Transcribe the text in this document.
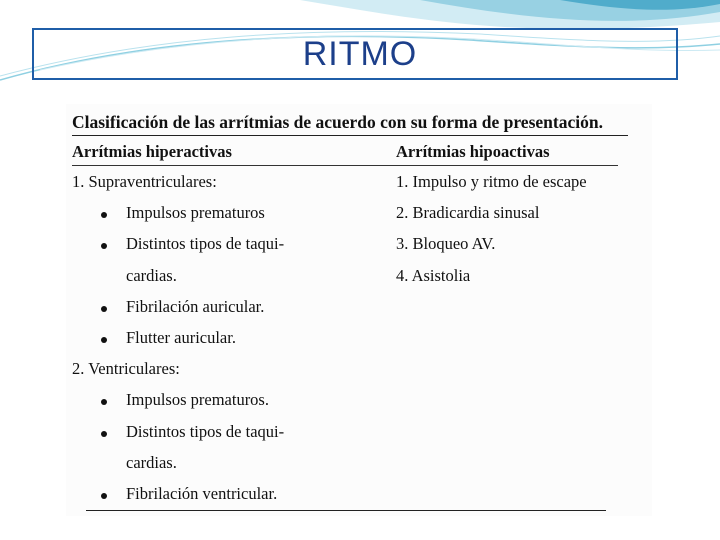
RITMO
Clasificación de las arrítmias de acuerdo con su forma de presentación.
Arrítmias hiperactivas	Arrítmias hipoactivas
1. Supraventriculares:
Impulsos prematuros
Distintos tipos de taqui-
cardias.
Fibrilación auricular.
Flutter auricular.
2. Ventriculares:
Impulsos prematuros.
Distintos tipos de taqui-
cardias.
Fibrilación ventricular.
1. Impulso y ritmo de escape
2. Bradicardia sinusal
3. Bloqueo AV.
4. Asistolia
